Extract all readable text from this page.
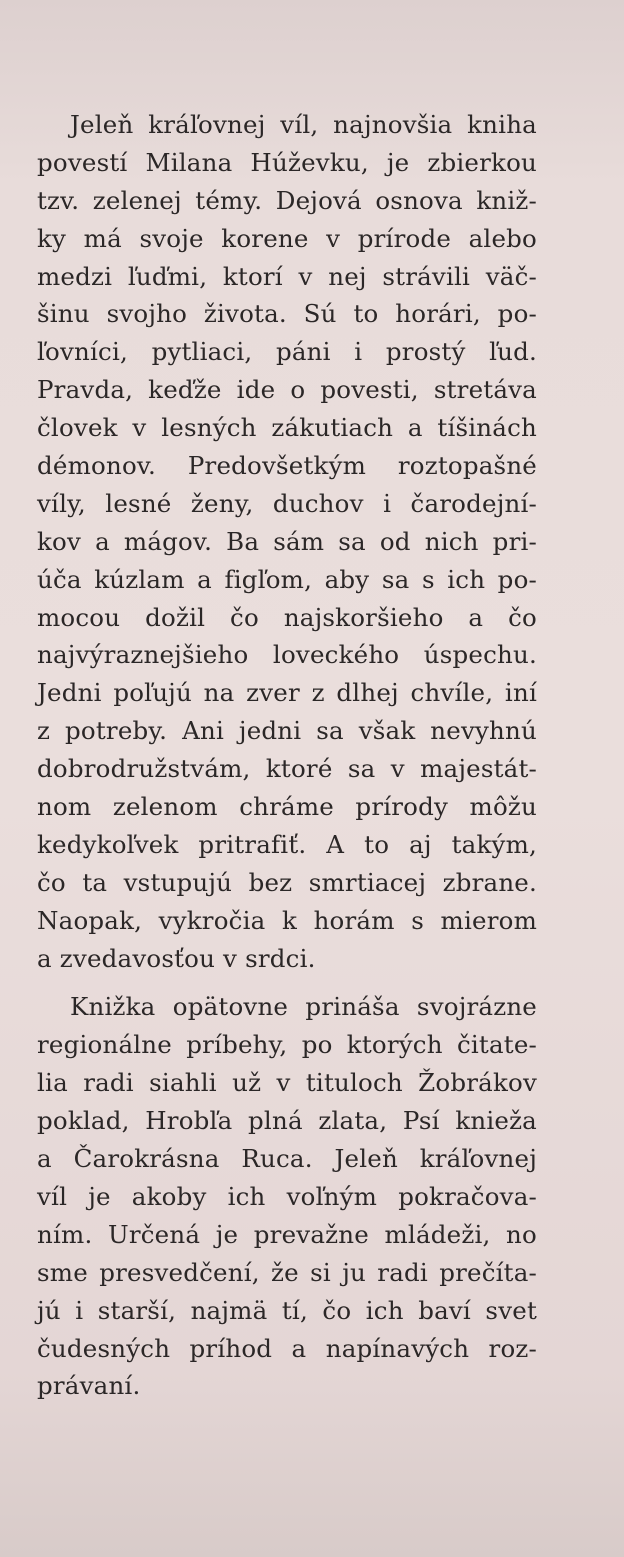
Jeleň kráľovnej víl, najnovšia kniha
povestí Milana Húževku, je zbierkou
tzv. zelenej témy. Dejová osnova kniž-
ky má svoje korene v prírode alebo
medzi ľuďmi, ktorí v nej strávili väč-
šinu svojho života. Sú to horári, po-
ľovníci, pytliaci, páni i prostý ľud.
Pravda, keďže ide o povesti, stretáva
človek v lesných zákutiach a tíšinách
démonov. Predovšetkým roztopašné
víly, lesné ženy, duchov i čarodejní-
kov a mágov. Ba sám sa od nich pri-
úča kúzlam a figľom, aby sa s ich po-
mocou dožil čo najskoršieho a čo
najvýraznejšieho loveckého úspechu.
Jedni poľujú na zver z dlhej chvíle, iní
z potreby. Ani jedni sa však nevyhnú
dobrodružstvám, ktoré sa v majestát-
nom zelenom chráme prírody môžu
kedykoľvek pritrafiť. A to aj takým,
čo ta vstupujú bez smrtiacej zbrane.
Naopak, vykročia k horám s mierom
a zvedavosťou v srdci.

Knižka opätovne prináša svojrázne
regionálne príbehy, po ktorých čitate-
lia radi siahli už v tituloch Žobrákov
poklad, Hrobľa plná zlata, Psí knieža
a Čarokrásna Ruca. Jeleň kráľovnej
víl je akoby ich voľným pokračova-
ním. Určená je prevažne mládeži, no
sme presvedčení, že si ju radi prečíta-
jú i starší, najmä tí, čo ich baví svet
čudesných príhod a napínavých roz-
právaní.
